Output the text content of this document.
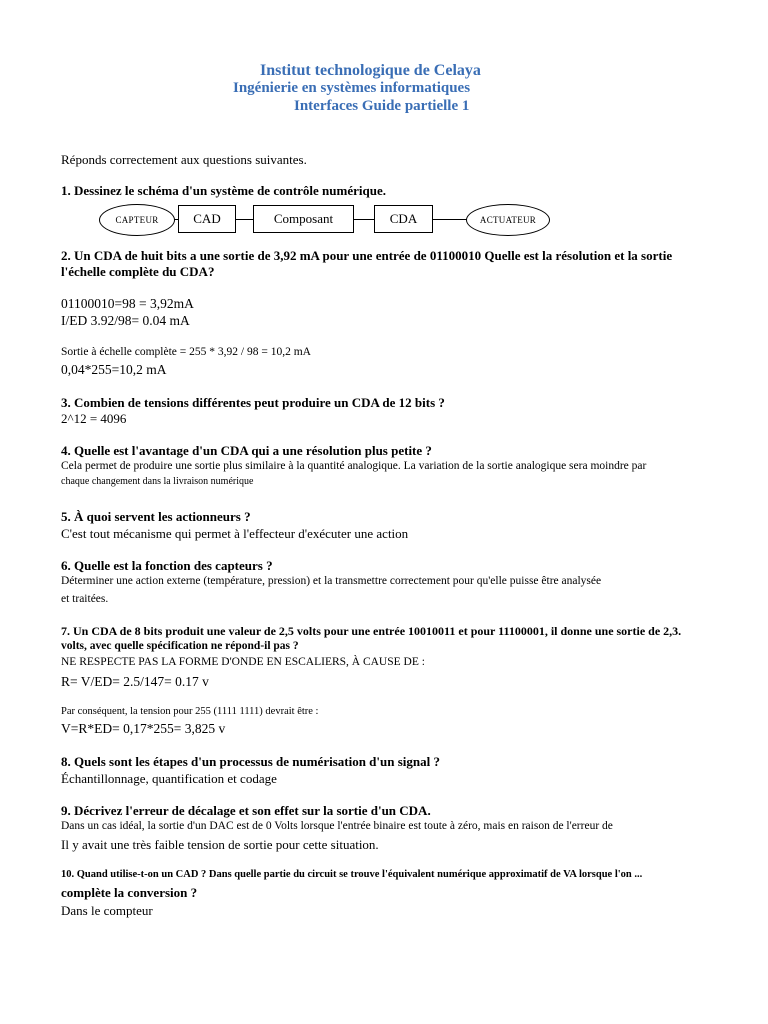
Institut technologique de Celaya
Ingénierie en systèmes informatiques
Interfaces Guide partielle 1
Réponds correctement aux questions suivantes.
1. Dessinez le schéma d'un système de contrôle numérique.
CAPTEUR	CAD	Composant	CDA	ACTUATEUR
2. Un CDA de huit bits a une sortie de 3,92 mA pour une entrée de 01100010 Quelle est la résolution et la sortie
l'échelle complète du CDA?
01100010=98 = 3,92mA
I/ED 3.92/98= 0.04 mA
Sortie à échelle complète = 255 * 3,92 / 98 = 10,2 mA
0,04*255=10,2 mA
3. Combien de tensions différentes peut produire un CDA de 12 bits ?
2^12 = 4096
4. Quelle est l'avantage d'un CDA qui a une résolution plus petite ?
Cela permet de produire une sortie plus similaire à la quantité analogique. La variation de la sortie analogique sera moindre par
chaque changement dans la livraison numérique
5. À quoi servent les actionneurs ?
C'est tout mécanisme qui permet à l'effecteur d'exécuter une action
6. Quelle est la fonction des capteurs ?
Déterminer une action externe (température, pression) et la transmettre correctement pour qu'elle puisse être analysée
et traitées.
7. Un CDA de 8 bits produit une valeur de 2,5 volts pour une entrée 10010011 et pour 11100001, il donne une sortie de 2,3.
volts, avec quelle spécification ne répond-il pas ?
NE RESPECTE PAS LA FORME D'ONDE EN ESCALIERS, À CAUSE DE :
R= V/ED= 2.5/147= 0.17 v
Par conséquent, la tension pour 255 (1111 1111) devrait être :
V=R*ED= 0,17*255= 3,825 v
8. Quels sont les étapes d'un processus de numérisation d'un signal ?
Échantillonnage, quantification et codage
9. Décrivez l'erreur de décalage et son effet sur la sortie d'un CDA.
Dans un cas idéal, la sortie d'un DAC est de 0 Volts lorsque l'entrée binaire est toute à zéro, mais en raison de l'erreur de
Il y avait une très faible tension de sortie pour cette situation.
10. Quand utilise-t-on un CAD ? Dans quelle partie du circuit se trouve l'équivalent numérique approximatif de VA lorsque l'on ...
complète la conversion ?
Dans le compteur
